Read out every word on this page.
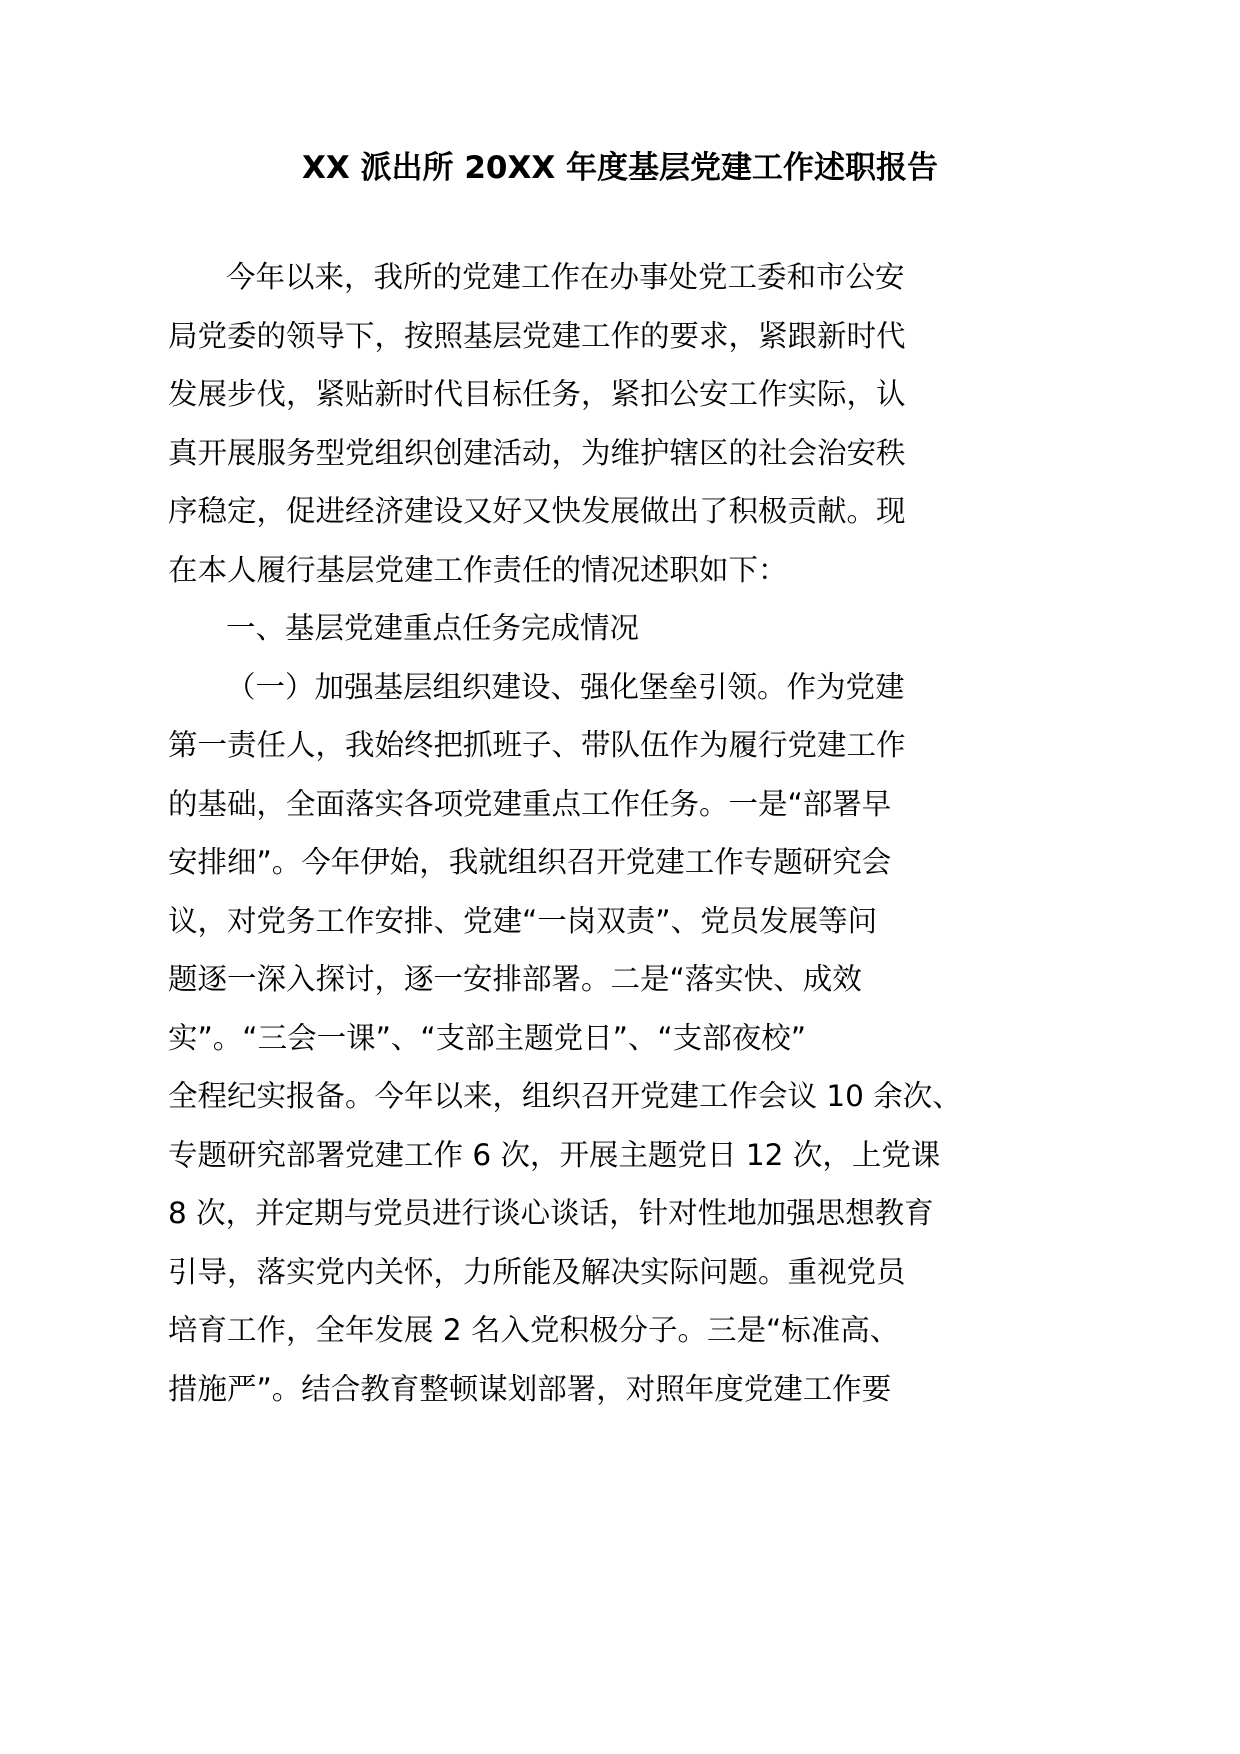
XX 派出所 20XX 年度基层党建工作述职报告
今年以来，我所的党建工作在办事处党工委和市公安
局党委的领导下，按照基层党建工作的要求，紧跟新时代
发展步伐，紧贴新时代目标任务，紧扣公安工作实际，认
真开展服务型党组织创建活动，为维护辖区的社会治安秩
序稳定，促进经济建设又好又快发展做出了积极贡献。现
在本人履行基层党建工作责任的情况述职如下：
一、基层党建重点任务完成情况
（一）加强基层组织建设、强化堡垒引领。作为党建
第一责任人，我始终把抓班子、带队伍作为履行党建工作
的基础，全面落实各项党建重点工作任务。一是“部署早
安排细”。今年伊始，我就组织召开党建工作专题研究会
议，对党务工作安排、党建“一岗双责”、党员发展等问
题逐一深入探讨，逐一安排部署。二是“落实快、成效
实”。“三会一课”、“支部主题党日”、“支部夜校”
全程纪实报备。今年以来，组织召开党建工作会议 10 余次、
专题研究部署党建工作 6 次，开展主题党日 12 次，上党课
8 次，并定期与党员进行谈心谈话，针对性地加强思想教育
引导，落实党内关怀，力所能及解决实际问题。重视党员
培育工作，全年发展 2 名入党积极分子。三是“标准高、
措施严”。结合教育整顿谋划部署，对照年度党建工作要
